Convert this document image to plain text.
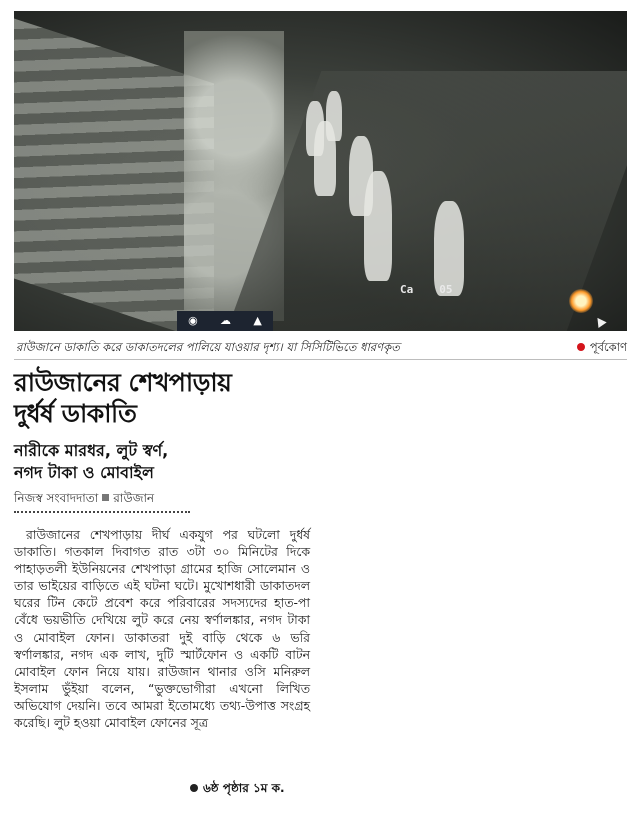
Ca 05
◉ ☁ ▲
রাউজানে ডাকাতি করে ডাকাতদলের পালিয়ে যাওয়ার দৃশ্য। যা সিসিটিভিতে ধারণকৃত	পূর্বকোণ
রাউজানের শেখপাড়ায়
দুর্ধর্ষ ডাকাতি
নারীকে মারধর, লুট স্বর্ণ,
নগদ টাকা ও মোবাইল
নিজস্ব সংবাদদাতা রাউজান

রাউজানের শেখপাড়ায় দীর্ঘ একযুগ পর ঘটলো দুর্ধর্ষ ডাকাতি। গতকাল দিবাগত রাত ৩টা ৩০ মিনিটের দিকে পাহাড়তলী ইউনিয়নের শেখপাড়া গ্রামের হাজি সোলেমান ও তার ভাইয়ের বাড়িতে এই ঘটনা ঘটে। মুখোশধারী ডাকাতদল ঘরের টিন কেটে প্রবেশ করে পরিবারের সদস্যদের হাত-পা বেঁধে ভয়ভীতি দেখিয়ে লুট করে নেয় স্বর্ণালঙ্কার, নগদ টাকা ও মোবাইল ফোন। ডাকাতরা দুই বাড়ি থেকে ৬ ভরি স্বর্ণালঙ্কার, নগদ এক লাখ, দুটি স্মার্টফোন ও একটি বাটন মোবাইল ফোন নিয়ে যায়। রাউজান থানার ওসি মনিরুল ইসলাম ভুঁইয়া বলেন, “ভুক্তভোগীরা এখনো লিখিত অভিযোগ দেয়নি। তবে আমরা ইতোমধ্যে তথ্য-উপাত্ত সংগ্রহ করেছি। লুট হওয়া মোবাইল ফোনের সূত্র

৬ষ্ঠ পৃষ্ঠার ১ম ক.
